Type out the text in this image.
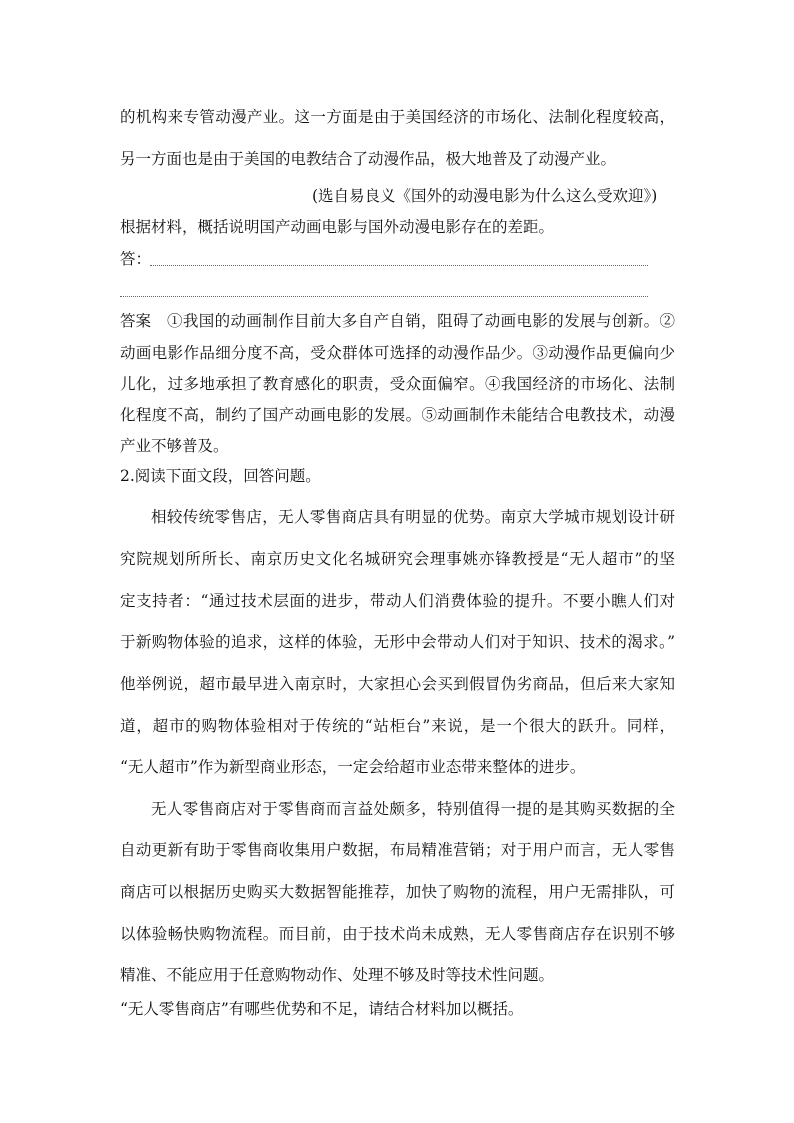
的机构来专管动漫产业。这一方面是由于美国经济的市场化、法制化程度较高，
另一方面也是由于美国的电教结合了动漫作品，极大地普及了动漫产业。
(选自易良义《国外的动漫电影为什么这么受欢迎》)
根据材料，概括说明国产动画电影与国外动漫电影存在的差距。
答：
答案 ①我国的动画制作目前大多自产自销，阻碍了动画电影的发展与创新。②
动画电影作品细分度不高，受众群体可选择的动漫作品少。③动漫作品更偏向少
儿化，过多地承担了教育感化的职责，受众面偏窄。④我国经济的市场化、法制
化程度不高，制约了国产动画电影的发展。⑤动画制作未能结合电教技术，动漫
产业不够普及。
2.阅读下面文段，回答问题。
相较传统零售店，无人零售商店具有明显的优势。南京大学城市规划设计研
究院规划所所长、南京历史文化名城研究会理事姚亦锋教授是“无人超市”的坚
定支持者：“通过技术层面的进步，带动人们消费体验的提升。不要小瞧人们对
于新购物体验的追求，这样的体验，无形中会带动人们对于知识、技术的渴求。”
他举例说，超市最早进入南京时，大家担心会买到假冒伪劣商品，但后来大家知
道，超市的购物体验相对于传统的“站柜台”来说，是一个很大的跃升。同样，
“无人超市”作为新型商业形态，一定会给超市业态带来整体的进步。
无人零售商店对于零售商而言益处颇多，特别值得一提的是其购买数据的全
自动更新有助于零售商收集用户数据，布局精准营销；对于用户而言，无人零售
商店可以根据历史购买大数据智能推荐，加快了购物的流程，用户无需排队，可
以体验畅快购物流程。而目前，由于技术尚未成熟，无人零售商店存在识别不够
精准、不能应用于任意购物动作、处理不够及时等技术性问题。
“无人零售商店”有哪些优势和不足，请结合材料加以概括。
